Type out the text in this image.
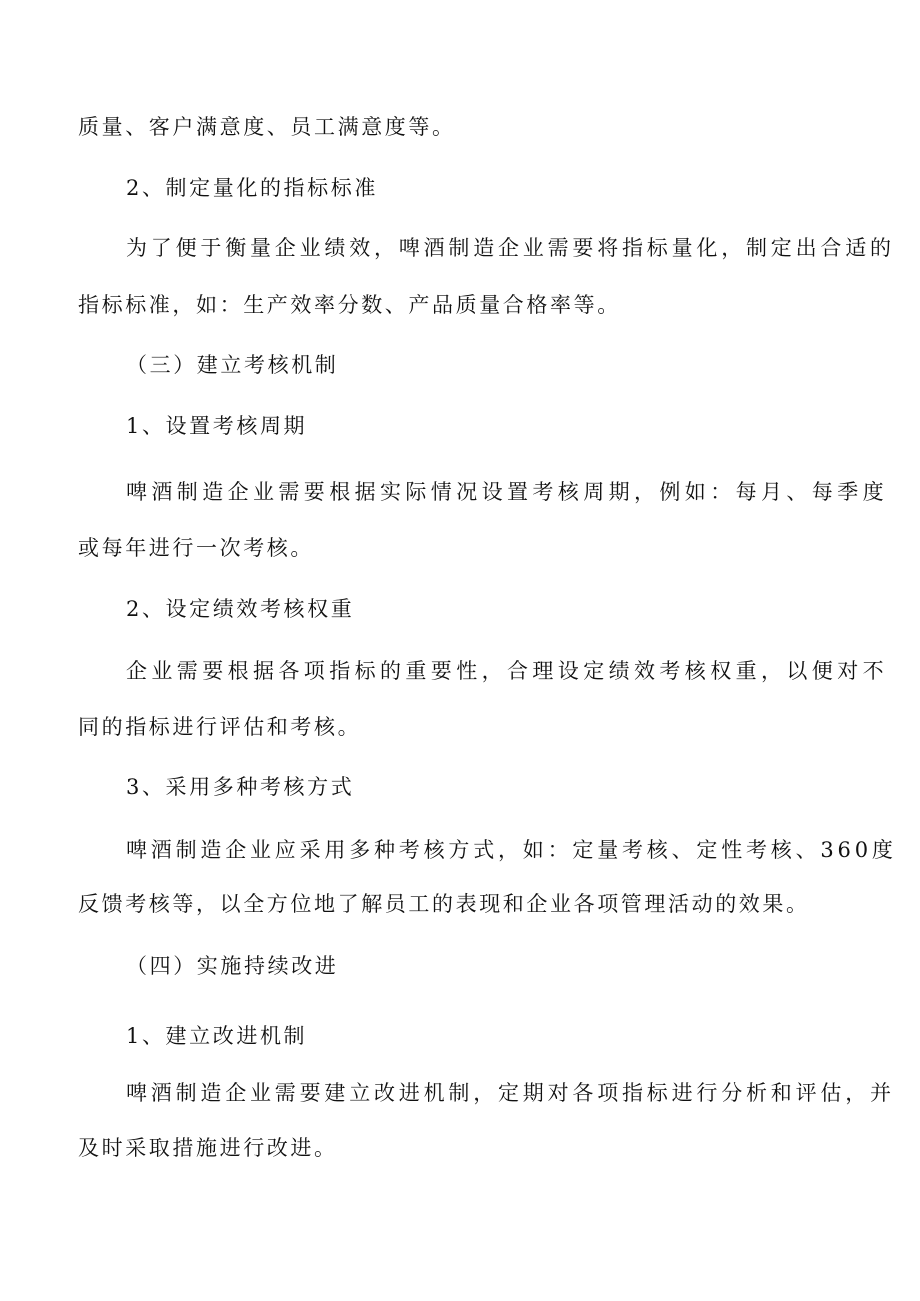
质量、客户满意度、员工满意度等。
2、制定量化的指标标准
为了便于衡量企业绩效，啤酒制造企业需要将指标量化，制定出合适的
指标标准，如：生产效率分数、产品质量合格率等。
（三）建立考核机制
1、设置考核周期
啤酒制造企业需要根据实际情况设置考核周期，例如：每月、每季度
或每年进行一次考核。
2、设定绩效考核权重
企业需要根据各项指标的重要性，合理设定绩效考核权重，以便对不
同的指标进行评估和考核。
3、采用多种考核方式
啤酒制造企业应采用多种考核方式，如：定量考核、定性考核、360度
反馈考核等，以全方位地了解员工的表现和企业各项管理活动的效果。
（四）实施持续改进
1、建立改进机制
啤酒制造企业需要建立改进机制，定期对各项指标进行分析和评估，并
及时采取措施进行改进。
